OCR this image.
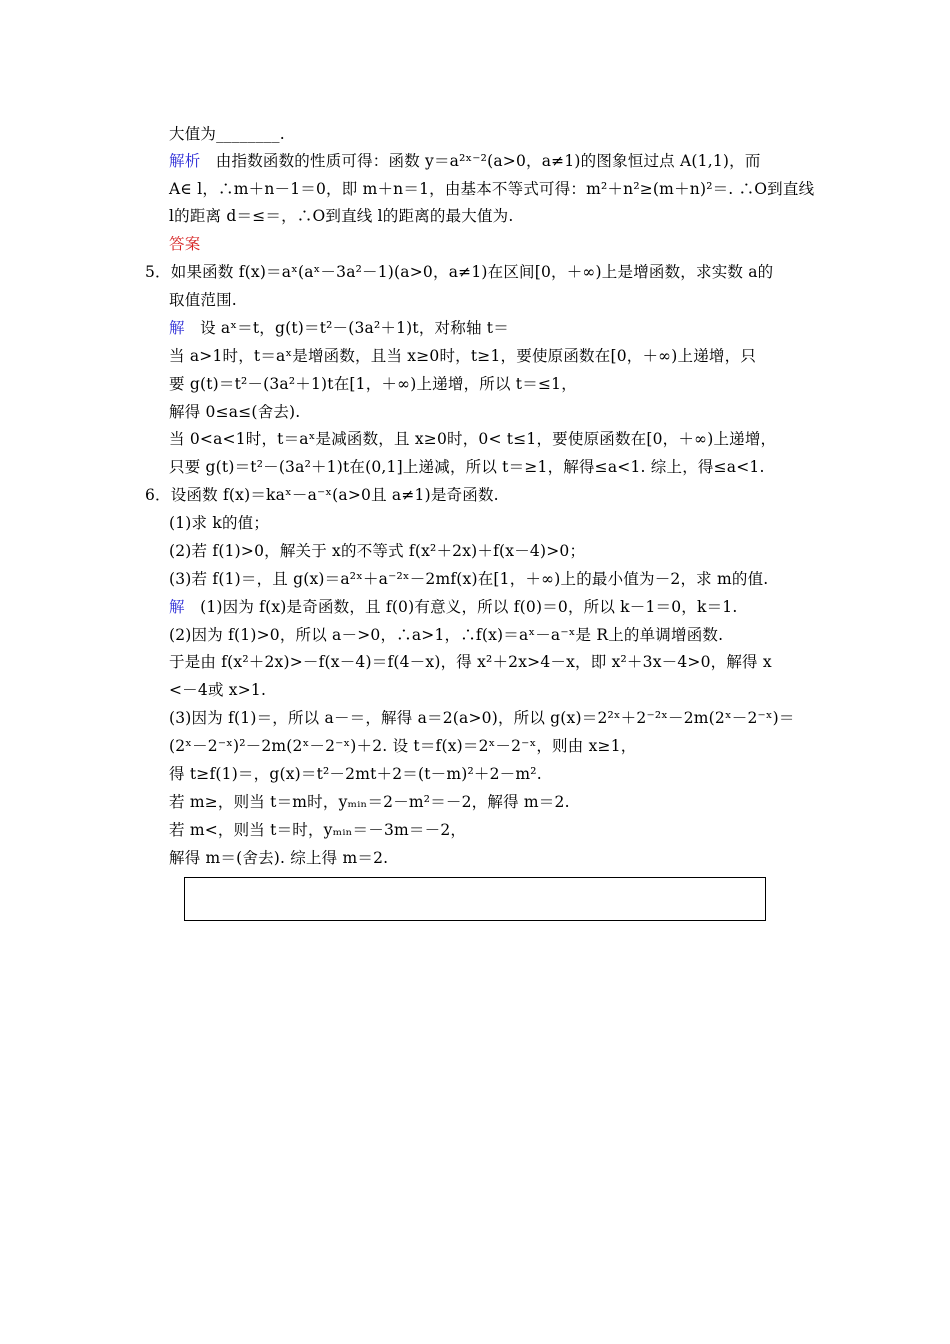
大值为________.
解析 由指数函数的性质可得：函数 y＝a²ˣ⁻²(a>0，a≠1)的图象恒过点 A(1,1)，而
A∈ l，∴m＋n－1＝0，即 m＋n＝1，由基本不等式可得：m²＋n²≥(m＋n)²＝. ∴O到直线
l的距离 d＝≤＝，∴O到直线 l的距离的最大值为.
答案
5．如果函数 f(x)＝aˣ(aˣ－3a²－1)(a>0，a≠1)在区间[0，＋∞)上是增函数，求实数 a的
取值范围.
解 设 aˣ＝t，g(t)＝t²－(3a²＋1)t，对称轴 t＝
当 a>1时，t＝aˣ是增函数，且当 x≥0时，t≥1，要使原函数在[0，＋∞)上递增，只
要 g(t)＝t²－(3a²＋1)t在[1，＋∞)上递增，所以 t＝≤1，
解得 0≤a≤(舍去).
当 0<a<1时，t＝aˣ是减函数，且 x≥0时，0< t≤1，要使原函数在[0，＋∞)上递增，
只要 g(t)＝t²－(3a²＋1)t在(0,1]上递减，所以 t＝≥1，解得≤a<1. 综上，得≤a<1.
6．设函数 f(x)＝kaˣ－a⁻ˣ(a>0且 a≠1)是奇函数.
(1)求 k的值；
(2)若 f(1)>0，解关于 x的不等式 f(x²＋2x)＋f(x－4)>0；
(3)若 f(1)＝，且 g(x)＝a²ˣ＋a⁻²ˣ－2mf(x)在[1，＋∞)上的最小值为－2，求 m的值.
解 (1)因为 f(x)是奇函数，且 f(0)有意义，所以 f(0)＝0，所以 k－1＝0，k＝1.
(2)因为 f(1)>0，所以 a－>0，∴a>1，∴f(x)＝aˣ－a⁻ˣ是 R上的单调增函数.
于是由 f(x²＋2x)>－f(x－4)＝f(4－x)，得 x²＋2x>4－x，即 x²＋3x－4>0，解得 x
<－4或 x>1.
(3)因为 f(1)＝，所以 a－＝，解得 a＝2(a>0)，所以 g(x)＝2²ˣ＋2⁻²ˣ－2m(2ˣ－2⁻ˣ)＝
(2ˣ－2⁻ˣ)²－2m(2ˣ－2⁻ˣ)＋2. 设 t＝f(x)＝2ˣ－2⁻ˣ，则由 x≥1，
得 t≥f(1)＝，g(x)＝t²－2mt＋2＝(t－m)²＋2－m².
若 m≥，则当 t＝m时，yₘᵢₙ＝2－m²＝－2，解得 m＝2.
若 m<，则当 t＝时，yₘᵢₙ＝－3m＝－2，
解得 m＝(舍去). 综上得 m＝2.
